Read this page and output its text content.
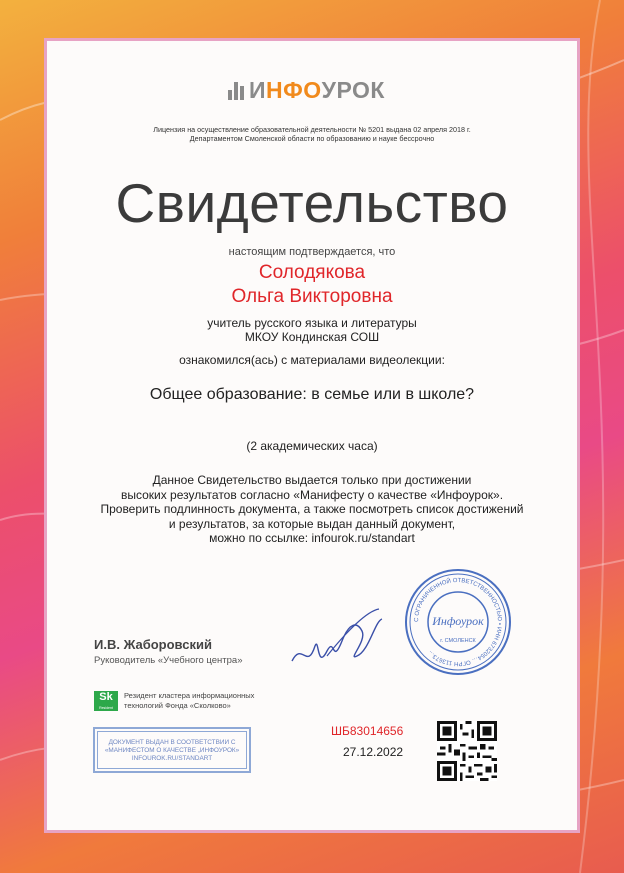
И НФО УРОК
Лицензия на осуществление образовательной деятельности № 5201 выдана 02 апреля 2018 г.
Департаментом Смоленской области по образованию и науке бессрочно
Свидетельство
настоящим подтверждается, что
Солодякова
Ольга Викторовна
учитель русского языка и литературы
МКОУ Кондинская СОШ
ознакомился(ась) с материалами видеолекции:
Общее образование: в семье или в школе?
(2 академических часа)
Данное Свидетельство выдается только при достижении
высоких результатов согласно «Манифесту о качестве «Инфоурок».
Проверить подлинность документа, а также посмотреть список достижений
и результатов, за которые выдан данный документ,
можно по ссылке: infourok.ru/standart
И.В. Жаборовский
Руководитель «Учебного центра»
С ОГРАНИЧЕННОЙ ОТВЕТСТВЕННОСТЬЮ • ИНН 6732054… ОГРН 113673…
Инфоурок
г. СМОЛЕНСК
Sk
Resident
Резидент кластера информационных
технологий Фонда «Сколково»
ДОКУМЕНТ ВЫДАН В СООТВЕТСТВИИ С
«МАНИФЕСТОМ О КАЧЕСТВЕ „ИНФОУРОК»
INFOUROK.RU/STANDART
ШБ83014656
27.12.2022
